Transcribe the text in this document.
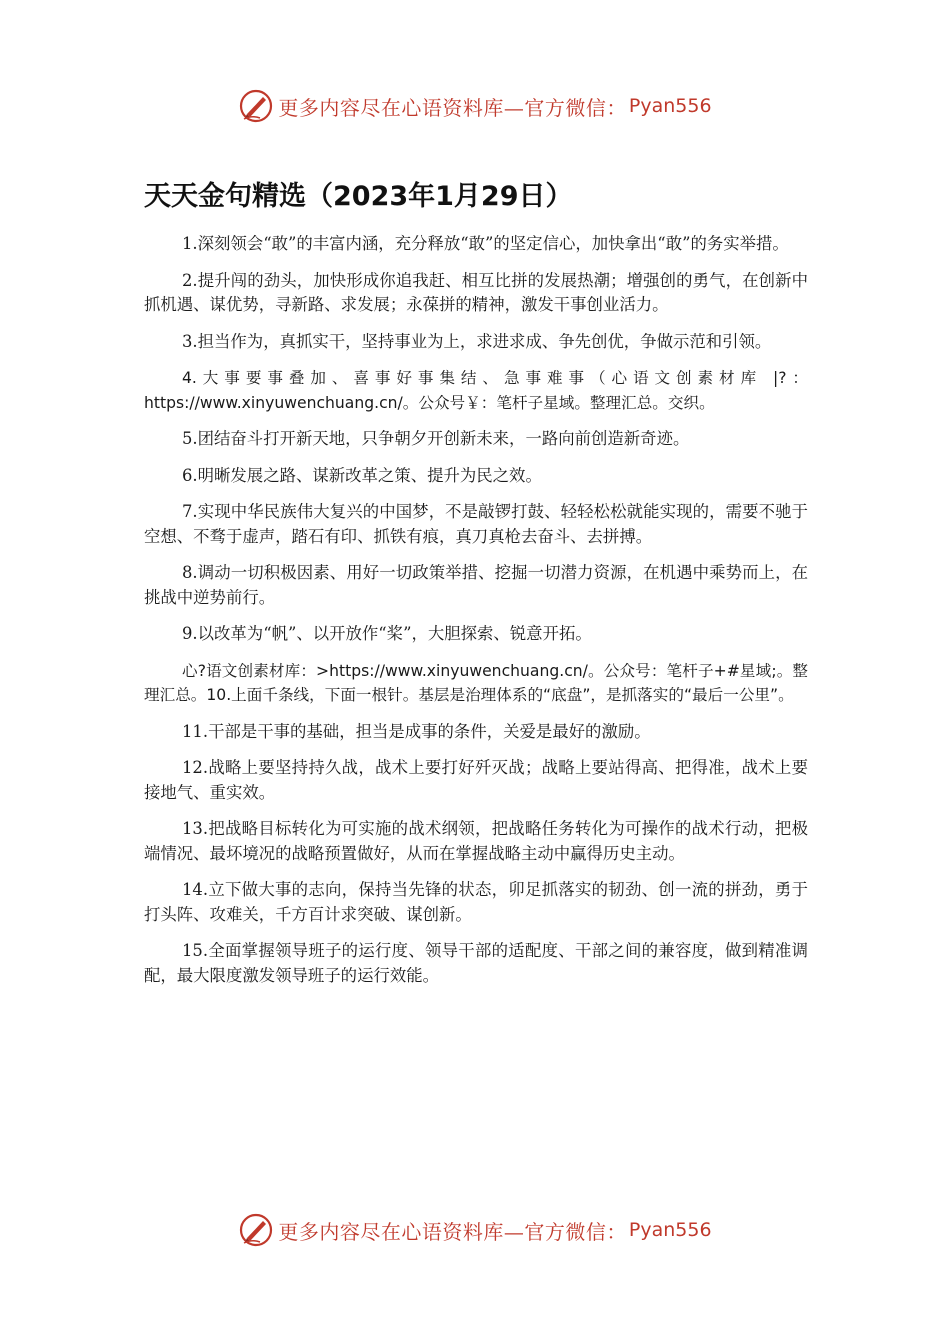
更多内容尽在心语资料库—官方微信： Pyan556
天天金句精选（2023年1月29日）

1.深刻领会“敢”的丰富内涵，充分释放“敢”的坚定信心，加快拿出“敢”的务实举措。

2.提升闯的劲头，加快形成你追我赶、相互比拼的发展热潮；增强创的勇气，在创新中抓机遇、谋优势，寻新路、求发展；永葆拼的精神，激发干事创业活力。

3.担当作为，真抓实干，坚持事业为上，求进求成、争先创优，争做示范和引领。

4.大事要事叠加、喜事好事集结、急事难事（心语文创素材库 |?：https://www.xinyuwenchuang.cn/。公众号￥：笔杆子星域。整理汇总。交织。

5.团结奋斗打开新天地，只争朝夕开创新未来，一路向前创造新奇迹。

6.明晰发展之路、谋新改革之策、提升为民之效。

7.实现中华民族伟大复兴的中国梦，不是敲锣打鼓、轻轻松松就能实现的，需要不驰于空想、不骛于虚声，踏石有印、抓铁有痕，真刀真枪去奋斗、去拼搏。

8.调动一切积极因素、用好一切政策举措、挖掘一切潜力资源，在机遇中乘势而上，在挑战中逆势前行。

9.以改革为“帆”、以开放作“桨”，大胆探索、锐意开拓。

心?语文创素材库：>https://www.xinyuwenchuang.cn/。公众号：笔杆子+#星域;。整理汇总。10.上面千条线，下面一根针。基层是治理体系的“底盘”，是抓落实的“最后一公里”。

11.干部是干事的基础，担当是成事的条件，关爱是最好的激励。

12.战略上要坚持持久战，战术上要打好歼灭战；战略上要站得高、把得准，战术上要接地气、重实效。

13.把战略目标转化为可实施的战术纲领，把战略任务转化为可操作的战术行动，把极端情况、最坏境况的战略预置做好，从而在掌握战略主动中赢得历史主动。

14.立下做大事的志向，保持当先锋的状态，卯足抓落实的韧劲、创一流的拼劲，勇于打头阵、攻难关，千方百计求突破、谋创新。

15.全面掌握领导班子的运行度、领导干部的适配度、干部之间的兼容度，做到精准调配，最大限度激发领导班子的运行效能。

更多内容尽在心语资料库—官方微信： Pyan556
